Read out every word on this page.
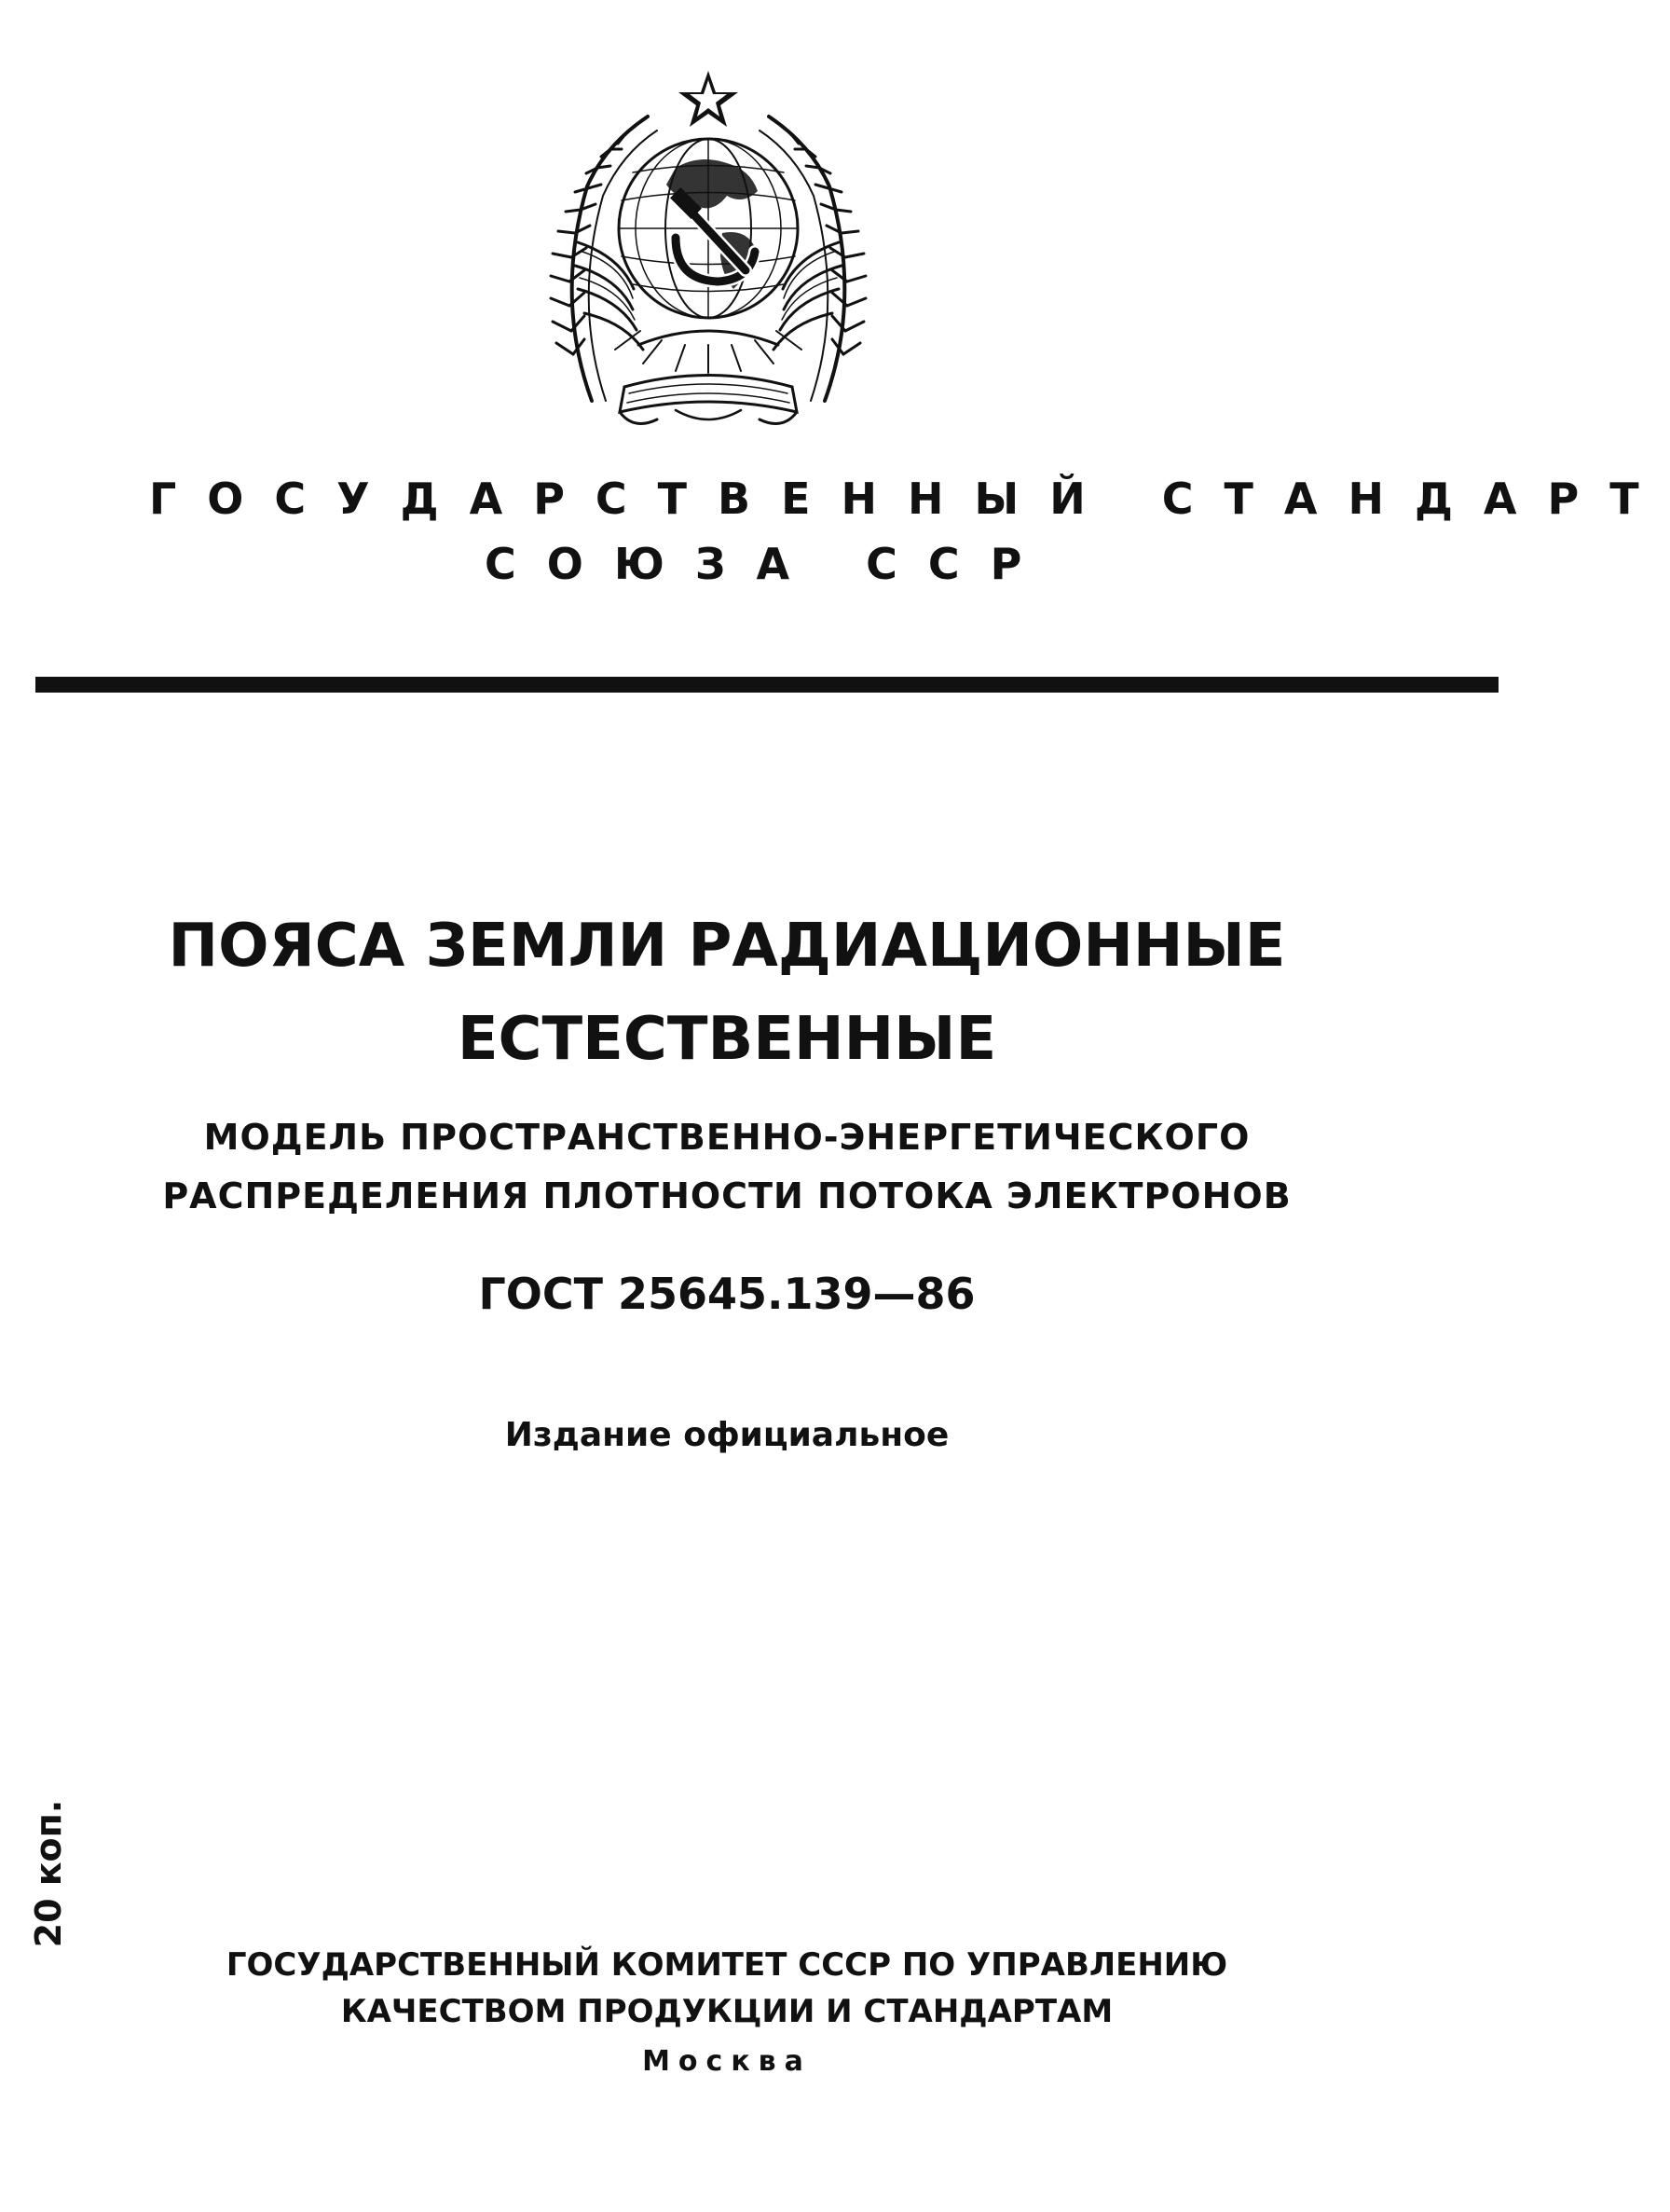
ГОСУДАРСТВЕННЫЙ СТАНДАРТ
СОЮЗА ССР
ПОЯСА ЗЕМЛИ РАДИАЦИОННЫЕ
ЕСТЕСТВЕННЫЕ
МОДЕЛЬ ПРОСТРАНСТВЕННО-ЭНЕРГЕТИЧЕСКОГО
РАСПРЕДЕЛЕНИЯ ПЛОТНОСТИ ПОТОКА ЭЛЕКТРОНОВ
ГОСТ 25645.139—86
Издание официальное
20 коп.
ГОСУДАРСТВЕННЫЙ КОМИТЕТ СССР ПО УПРАВЛЕНИЮ
КАЧЕСТВОМ ПРОДУКЦИИ И СТАНДАРТАМ
Москва
